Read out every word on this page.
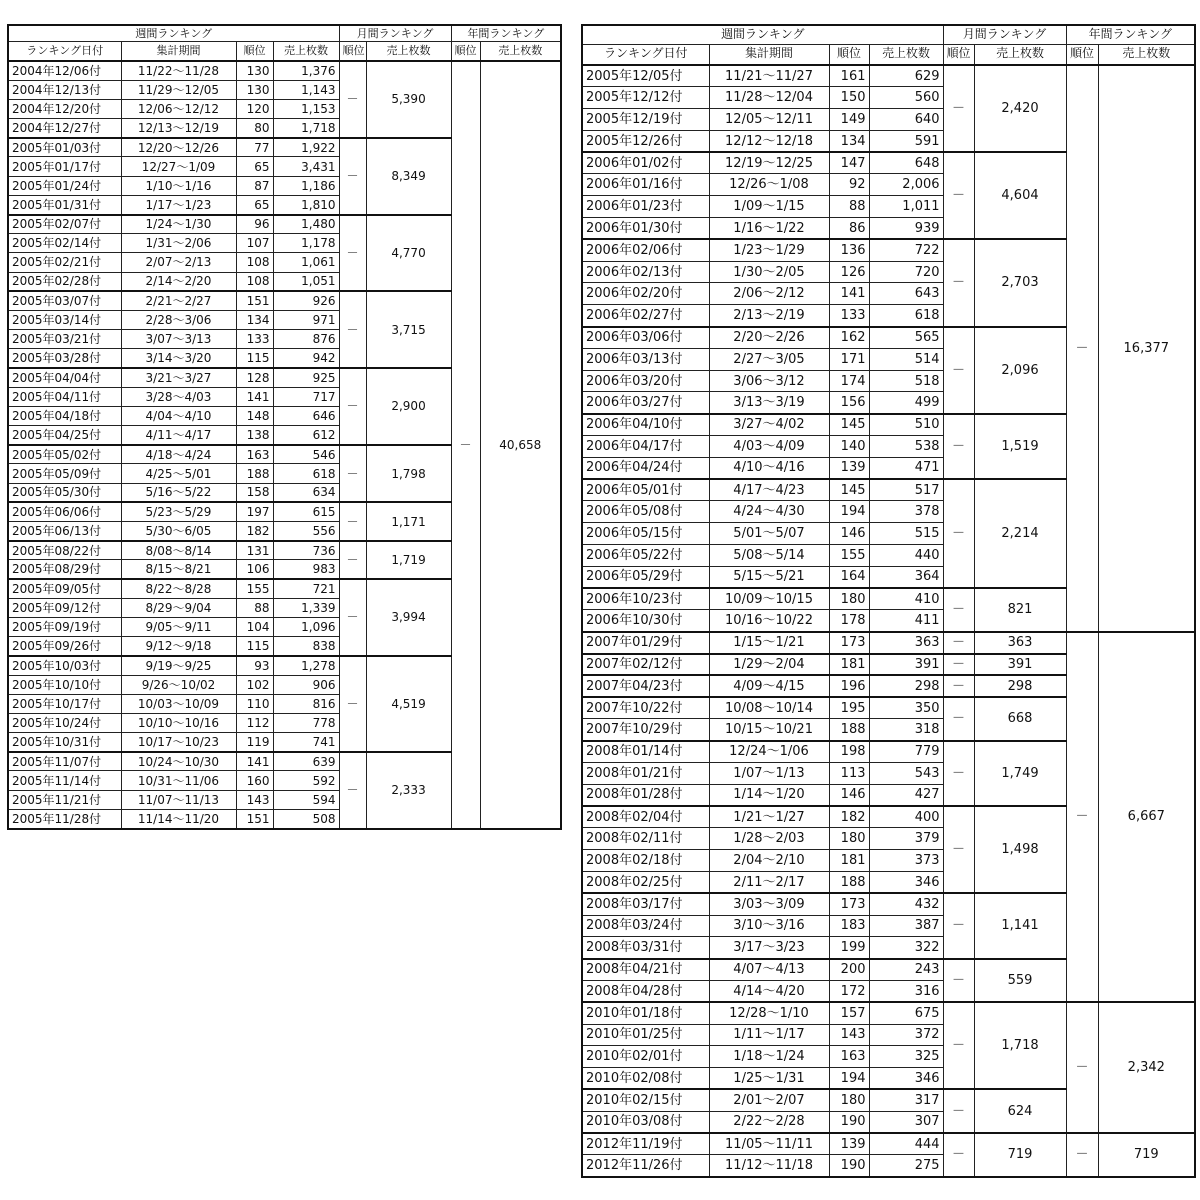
週間ランキング				月間ランキング		年間ランキング	
ランキング日付	集計期間	順位	売上枚数	順位	売上枚数	順位	売上枚数
2004年12/06付	11/22～11/28	130	1,376	－	5,390	－	40,658
2004年12/13付	11/29～12/05	130	1,143				
2004年12/20付	12/06～12/12	120	1,153				
2004年12/27付	12/13～12/19	80	1,718				
2005年01/03付	12/20～12/26	77	1,922	－	8,349		
2005年01/17付	12/27～1/09	65	3,431				
2005年01/24付	1/10～1/16	87	1,186				
2005年01/31付	1/17～1/23	65	1,810				
2005年02/07付	1/24～1/30	96	1,480	－	4,770		
2005年02/14付	1/31～2/06	107	1,178				
2005年02/21付	2/07～2/13	108	1,061				
2005年02/28付	2/14～2/20	108	1,051				
2005年03/07付	2/21～2/27	151	926	－	3,715		
2005年03/14付	2/28～3/06	134	971				
2005年03/21付	3/07～3/13	133	876				
2005年03/28付	3/14～3/20	115	942				
2005年04/04付	3/21～3/27	128	925	－	2,900		
2005年04/11付	3/28～4/03	141	717				
2005年04/18付	4/04～4/10	148	646				
2005年04/25付	4/11～4/17	138	612				
2005年05/02付	4/18～4/24	163	546	－	1,798		
2005年05/09付	4/25～5/01	188	618				
2005年05/30付	5/16～5/22	158	634				
2005年06/06付	5/23～5/29	197	615	－	1,171		
2005年06/13付	5/30～6/05	182	556				
2005年08/22付	8/08～8/14	131	736	－	1,719		
2005年08/29付	8/15～8/21	106	983				
2005年09/05付	8/22～8/28	155	721	－	3,994		
2005年09/12付	8/29～9/04	88	1,339				
2005年09/19付	9/05～9/11	104	1,096				
2005年09/26付	9/12～9/18	115	838				
2005年10/03付	9/19～9/25	93	1,278	－	4,519		
2005年10/10付	9/26～10/02	102	906				
2005年10/17付	10/03～10/09	110	816				
2005年10/24付	10/10～10/16	112	778				
2005年10/31付	10/17～10/23	119	741				
2005年11/07付	10/24～10/30	141	639	－	2,333		
2005年11/14付	10/31～11/06	160	592				
2005年11/21付	11/07～11/13	143	594				
2005年11/28付	11/14～11/20	151	508				
週間ランキング				月間ランキング		年間ランキング	
ランキング日付	集計期間	順位	売上枚数	順位	売上枚数	順位	売上枚数
2005年12/05付	11/21～11/27	161	629	－	2,420	－	16,377
2005年12/12付	11/28～12/04	150	560				
2005年12/19付	12/05～12/11	149	640				
2005年12/26付	12/12～12/18	134	591				
2006年01/02付	12/19～12/25	147	648	－	4,604		
2006年01/16付	12/26～1/08	92	2,006				
2006年01/23付	1/09～1/15	88	1,011				
2006年01/30付	1/16～1/22	86	939				
2006年02/06付	1/23～1/29	136	722	－	2,703		
2006年02/13付	1/30～2/05	126	720				
2006年02/20付	2/06～2/12	141	643				
2006年02/27付	2/13～2/19	133	618				
2006年03/06付	2/20～2/26	162	565	－	2,096		
2006年03/13付	2/27～3/05	171	514				
2006年03/20付	3/06～3/12	174	518				
2006年03/27付	3/13～3/19	156	499				
2006年04/10付	3/27～4/02	145	510	－	1,519		
2006年04/17付	4/03～4/09	140	538				
2006年04/24付	4/10～4/16	139	471				
2006年05/01付	4/17～4/23	145	517	－	2,214		
2006年05/08付	4/24～4/30	194	378				
2006年05/15付	5/01～5/07	146	515				
2006年05/22付	5/08～5/14	155	440				
2006年05/29付	5/15～5/21	164	364				
2006年10/23付	10/09～10/15	180	410	－	821		
2006年10/30付	10/16～10/22	178	411				
2007年01/29付	1/15～1/21	173	363	－	363	－	6,667
2007年02/12付	1/29～2/04	181	391	－	391		
2007年04/23付	4/09～4/15	196	298	－	298		
2007年10/22付	10/08～10/14	195	350	－	668		
2007年10/29付	10/15～10/21	188	318				
2008年01/14付	12/24～1/06	198	779	－	1,749		
2008年01/21付	1/07～1/13	113	543				
2008年01/28付	1/14～1/20	146	427				
2008年02/04付	1/21～1/27	182	400	－	1,498		
2008年02/11付	1/28～2/03	180	379				
2008年02/18付	2/04～2/10	181	373				
2008年02/25付	2/11～2/17	188	346				
2008年03/17付	3/03～3/09	173	432	－	1,141		
2008年03/24付	3/10～3/16	183	387				
2008年03/31付	3/17～3/23	199	322				
2008年04/21付	4/07～4/13	200	243	－	559		
2008年04/28付	4/14～4/20	172	316				
2010年01/18付	12/28～1/10	157	675	－	1,718	－	2,342
2010年01/25付	1/11～1/17	143	372				
2010年02/01付	1/18～1/24	163	325				
2010年02/08付	1/25～1/31	194	346				
2010年02/15付	2/01～2/07	180	317	－	624		
2010年03/08付	2/22～2/28	190	307				
2012年11/19付	11/05～11/11	139	444	－	719	－	719
2012年11/26付	11/12～11/18	190	275				
